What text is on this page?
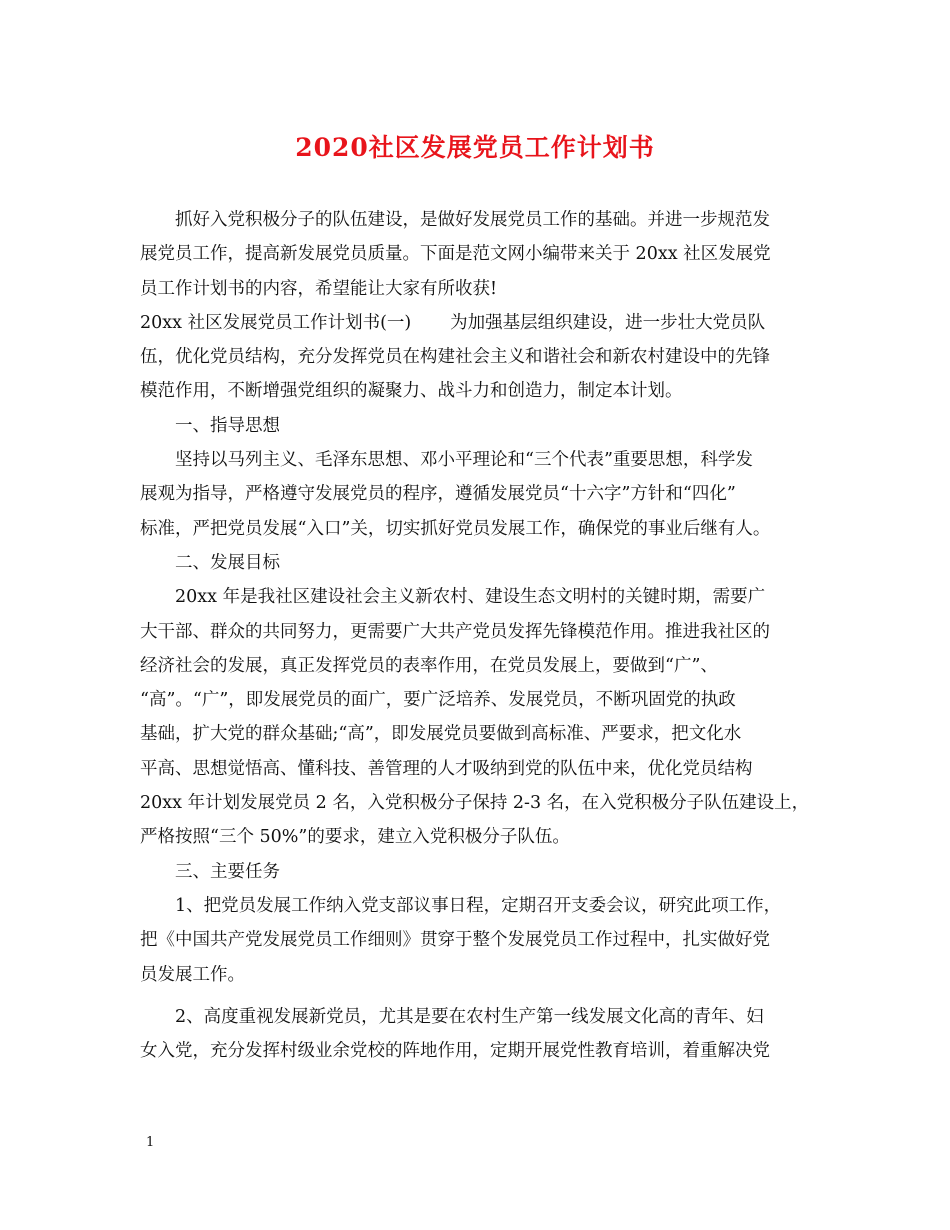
2020社区发展党员工作计划书
抓好入党积极分子的队伍建设，是做好发展党员工作的基础。并进一步规范发
展党员工作，提高新发展党员质量。下面是范文网小编带来关于 20xx 社区发展党
员工作计划书的内容，希望能让大家有所收获!
20xx 社区发展党员工作计划书(一)       为加强基层组织建设，进一步壮大党员队
伍，优化党员结构，充分发挥党员在构建社会主义和谐社会和新农村建设中的先锋
模范作用，不断增强党组织的凝聚力、战斗力和创造力，制定本计划。
一、指导思想
坚持以马列主义、毛泽东思想、邓小平理论和“三个代表”重要思想，科学发
展观为指导，严格遵守发展党员的程序，遵循发展党员“十六字”方针和“四化”
标准，严把党员发展“入口”关，切实抓好党员发展工作，确保党的事业后继有人。
二、发展目标
20xx 年是我社区建设社会主义新农村、建设生态文明村的关键时期，需要广
大干部、群众的共同努力，更需要广大共产党员发挥先锋模范作用。推进我社区的
经济社会的发展，真正发挥党员的表率作用，在党员发展上，要做到“广”、
“高”。“广”，即发展党员的面广，要广泛培养、发展党员，不断巩固党的执政
基础，扩大党的群众基础;“高”，即发展党员要做到高标准、严要求，把文化水
平高、思想觉悟高、懂科技、善管理的人才吸纳到党的队伍中来，优化党员结构
20xx 年计划发展党员 2 名，入党积极分子保持 2-3 名，在入党积极分子队伍建设上，
严格按照“三个 50%”的要求，建立入党积极分子队伍。
三、主要任务
1、把党员发展工作纳入党支部议事日程，定期召开支委会议，研究此项工作，
把《中国共产党发展党员工作细则》贯穿于整个发展党员工作过程中，扎实做好党
员发展工作。
2、高度重视发展新党员，尤其是要在农村生产第一线发展文化高的青年、妇
女入党，充分发挥村级业余党校的阵地作用，定期开展党性教育培训，着重解决党
1
